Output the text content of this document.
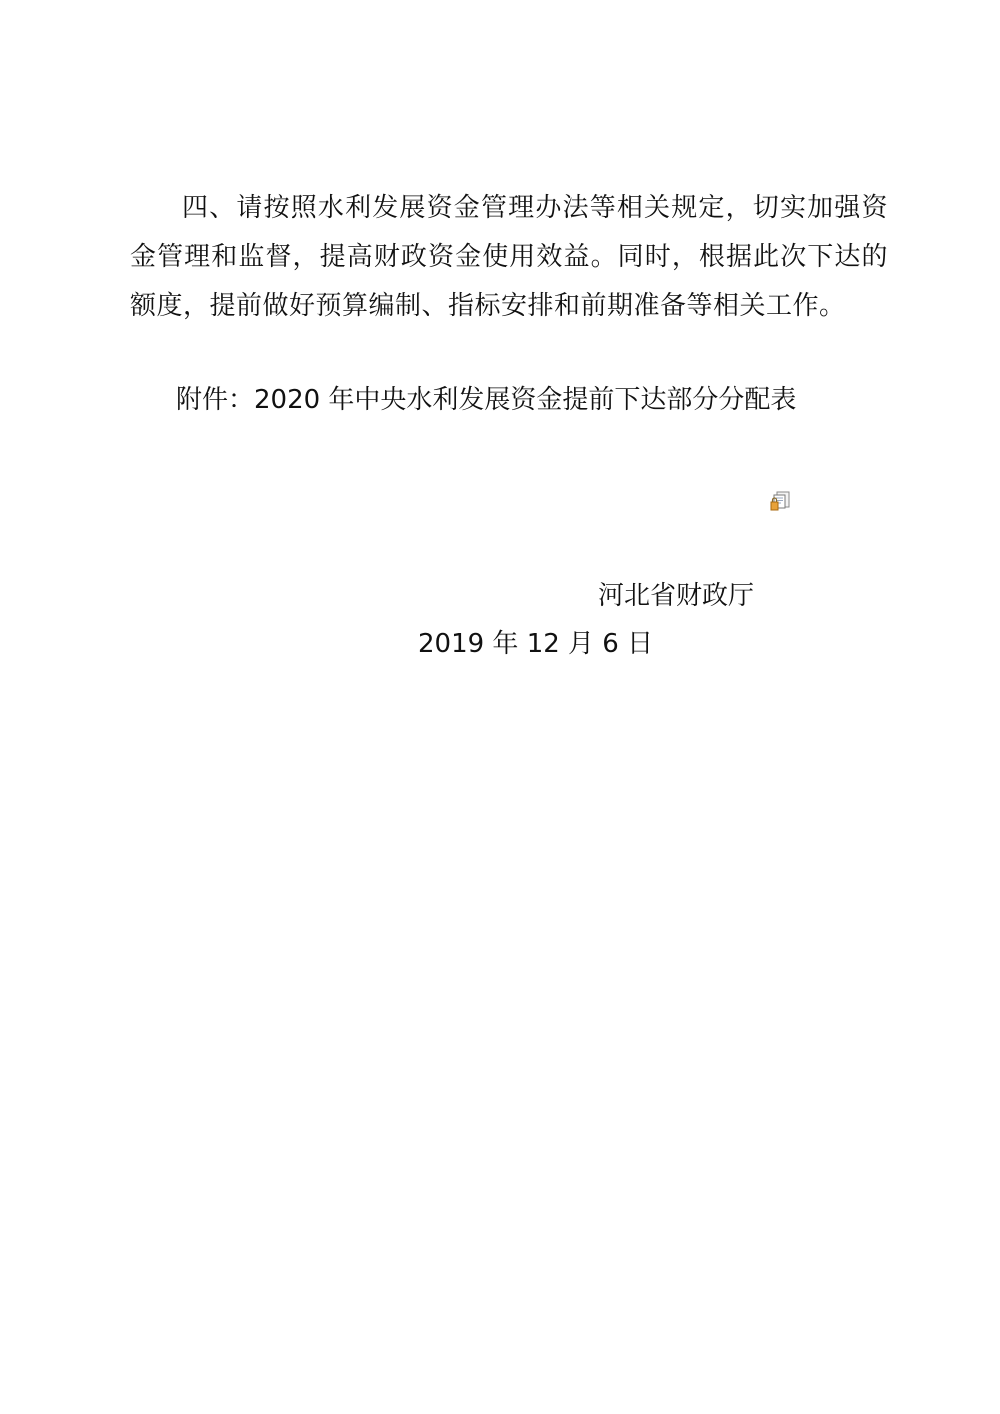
四、请按照水利发展资金管理办法等相关规定，切实加强资金管理和监督，提高财政资金使用效益。同时，根据此次下达的额度，提前做好预算编制、指标安排和前期准备等相关工作。

附件：2020 年中央水利发展资金提前下达部分分配表
河北省财政厅
2019 年 12 月 6 日
